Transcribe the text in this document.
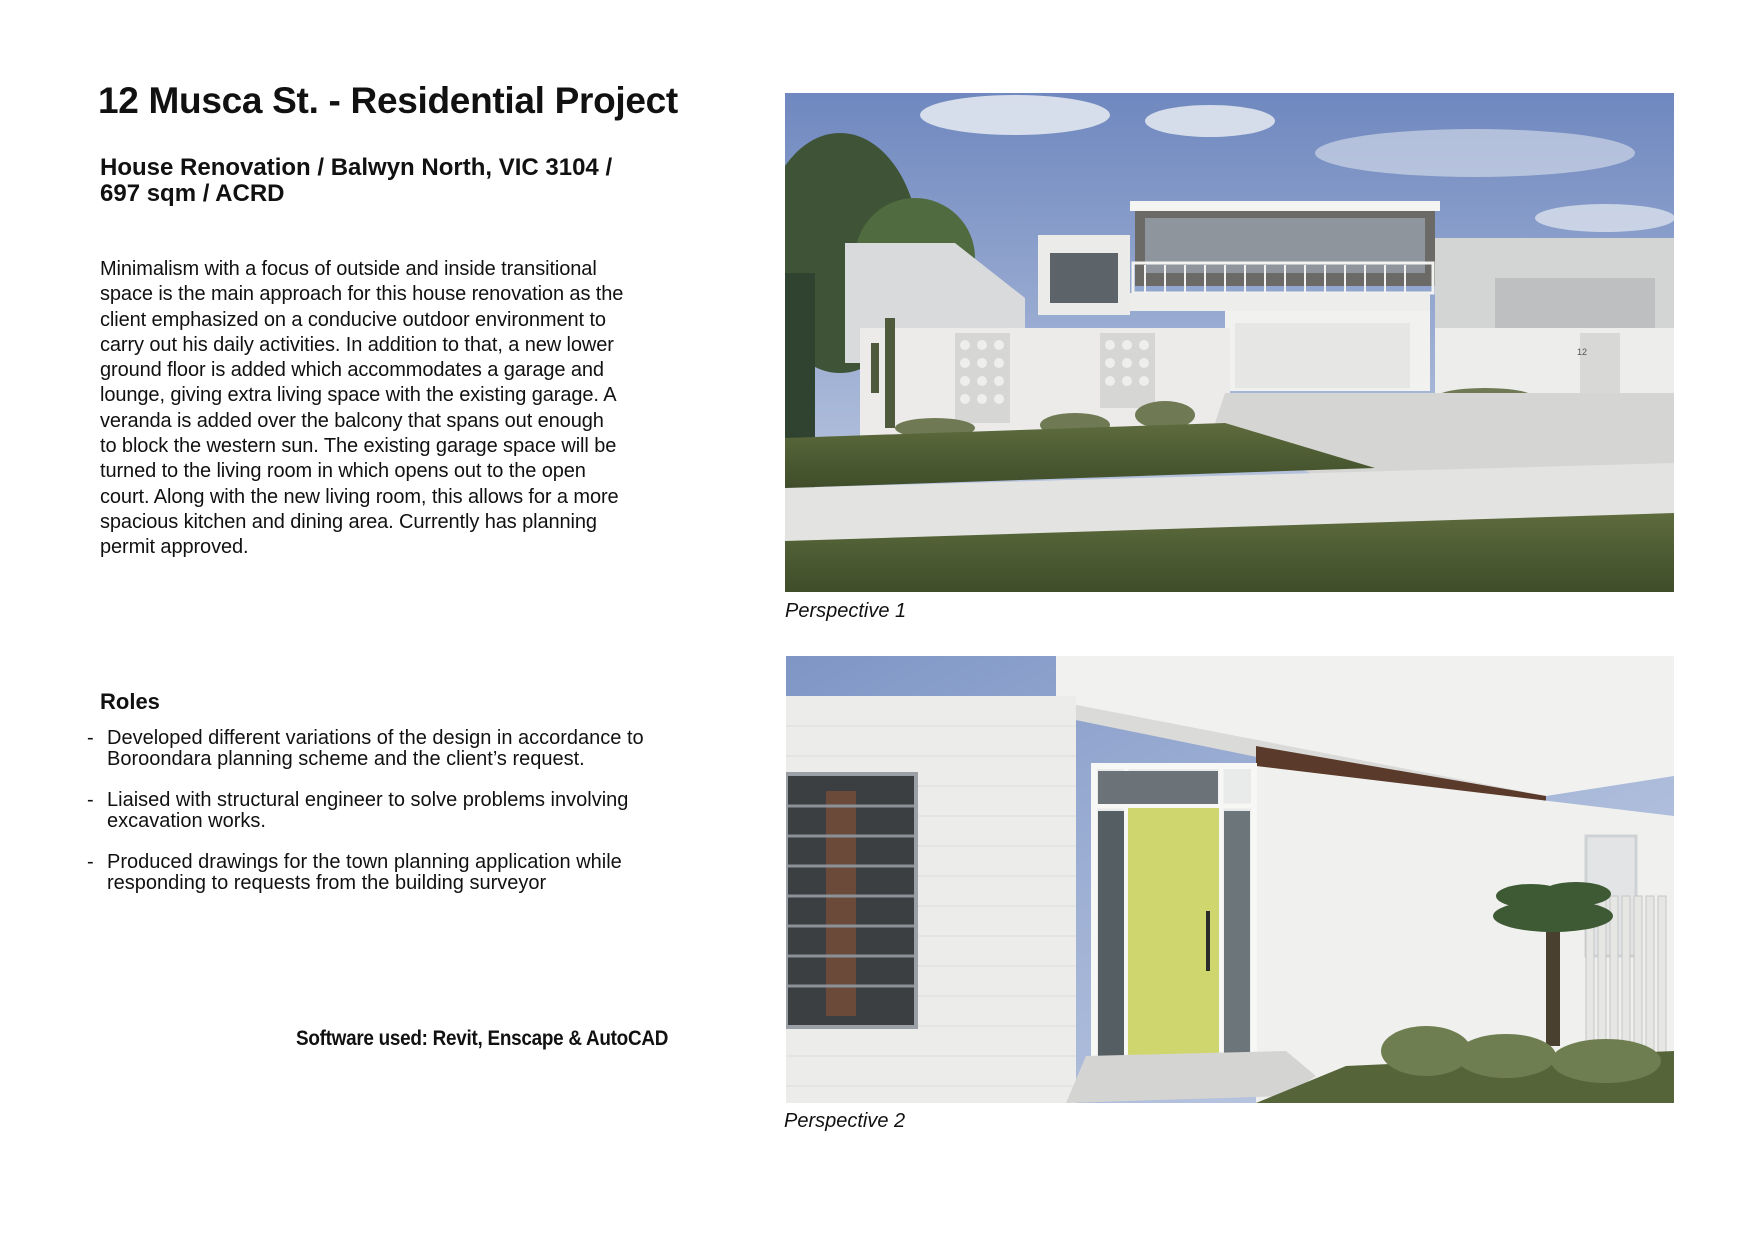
12 Musca St. - Residential Project
House Renovation / Balwyn North, VIC 3104 /
697 sqm / ACRD
Minimalism with a focus of outside and inside transitional space is the main approach for this house renovation as the client emphasized on a conducive outdoor environment to carry out his daily activities. In addition to that, a new lower ground floor is added which accommodates a garage and lounge, giving extra living space with the existing garage. A veranda is added over the balcony that spans out enough to block the western sun. The existing garage space will be turned to the living room in which opens out to the open court. Along with the new living room, this allows for a more spacious kitchen and dining area. Currently has planning permit approved.
Roles
- Developed different variations of the design in accordance to Boroondara planning scheme and the client’s request.
- Liaised with structural engineer to solve problems involving excavation works.
- Produced drawings for the town planning application while responding to requests from the building surveyor
Software used: Revit, Enscape & AutoCAD
12
Perspective 1
Perspective 2
